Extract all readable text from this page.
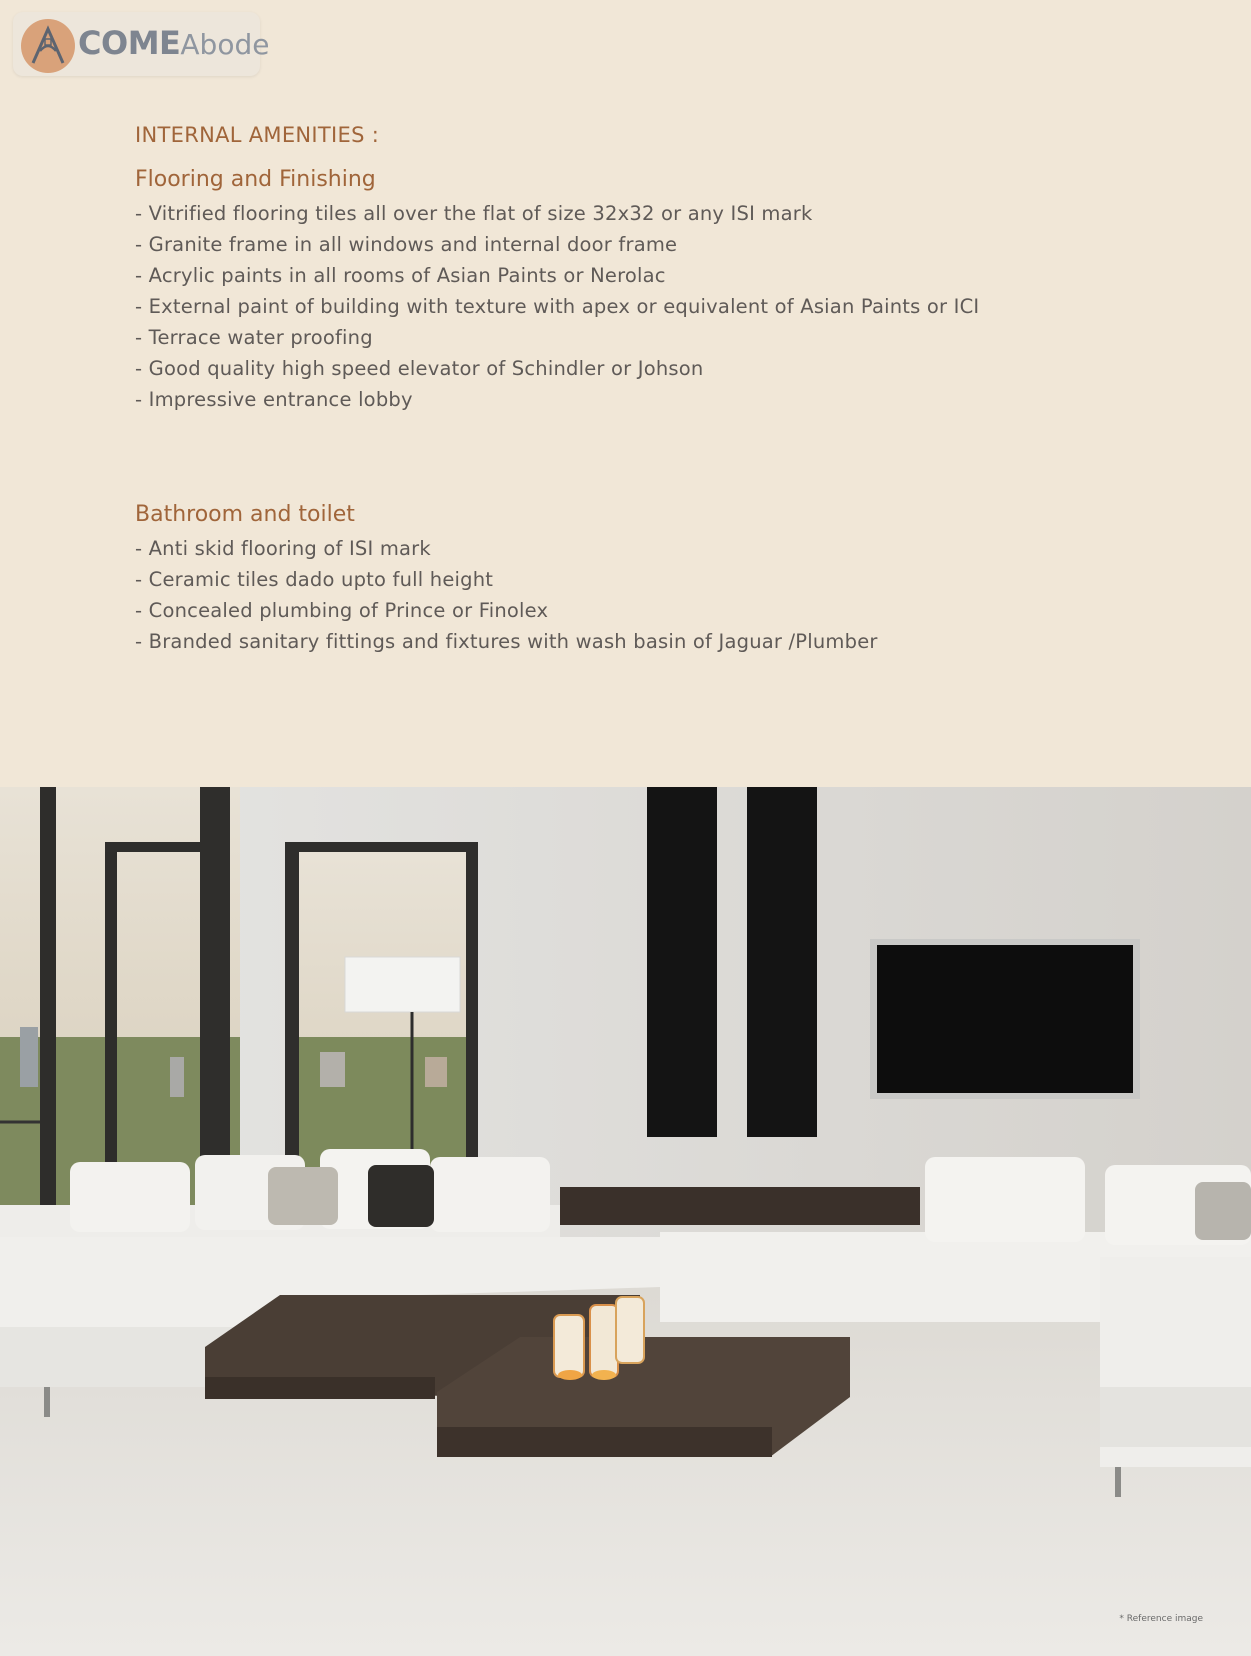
COMEAbode
INTERNAL AMENITIES :
Flooring and Finishing
- Vitrified flooring tiles all over the flat of size 32x32 or any ISI mark
- Granite frame in all windows and internal door frame
- Acrylic paints in all rooms of Asian Paints or Nerolac
- External paint of building with texture with apex or equivalent of Asian Paints or ICI
- Terrace water proofing
- Good quality high speed elevator of Schindler or Johson
- Impressive entrance lobby
Bathroom and toilet
- Anti skid flooring of ISI mark
- Ceramic tiles dado upto full height
- Concealed plumbing of Prince or Finolex
- Branded sanitary fittings and fixtures with wash basin of Jaguar /Plumber
* Reference image
